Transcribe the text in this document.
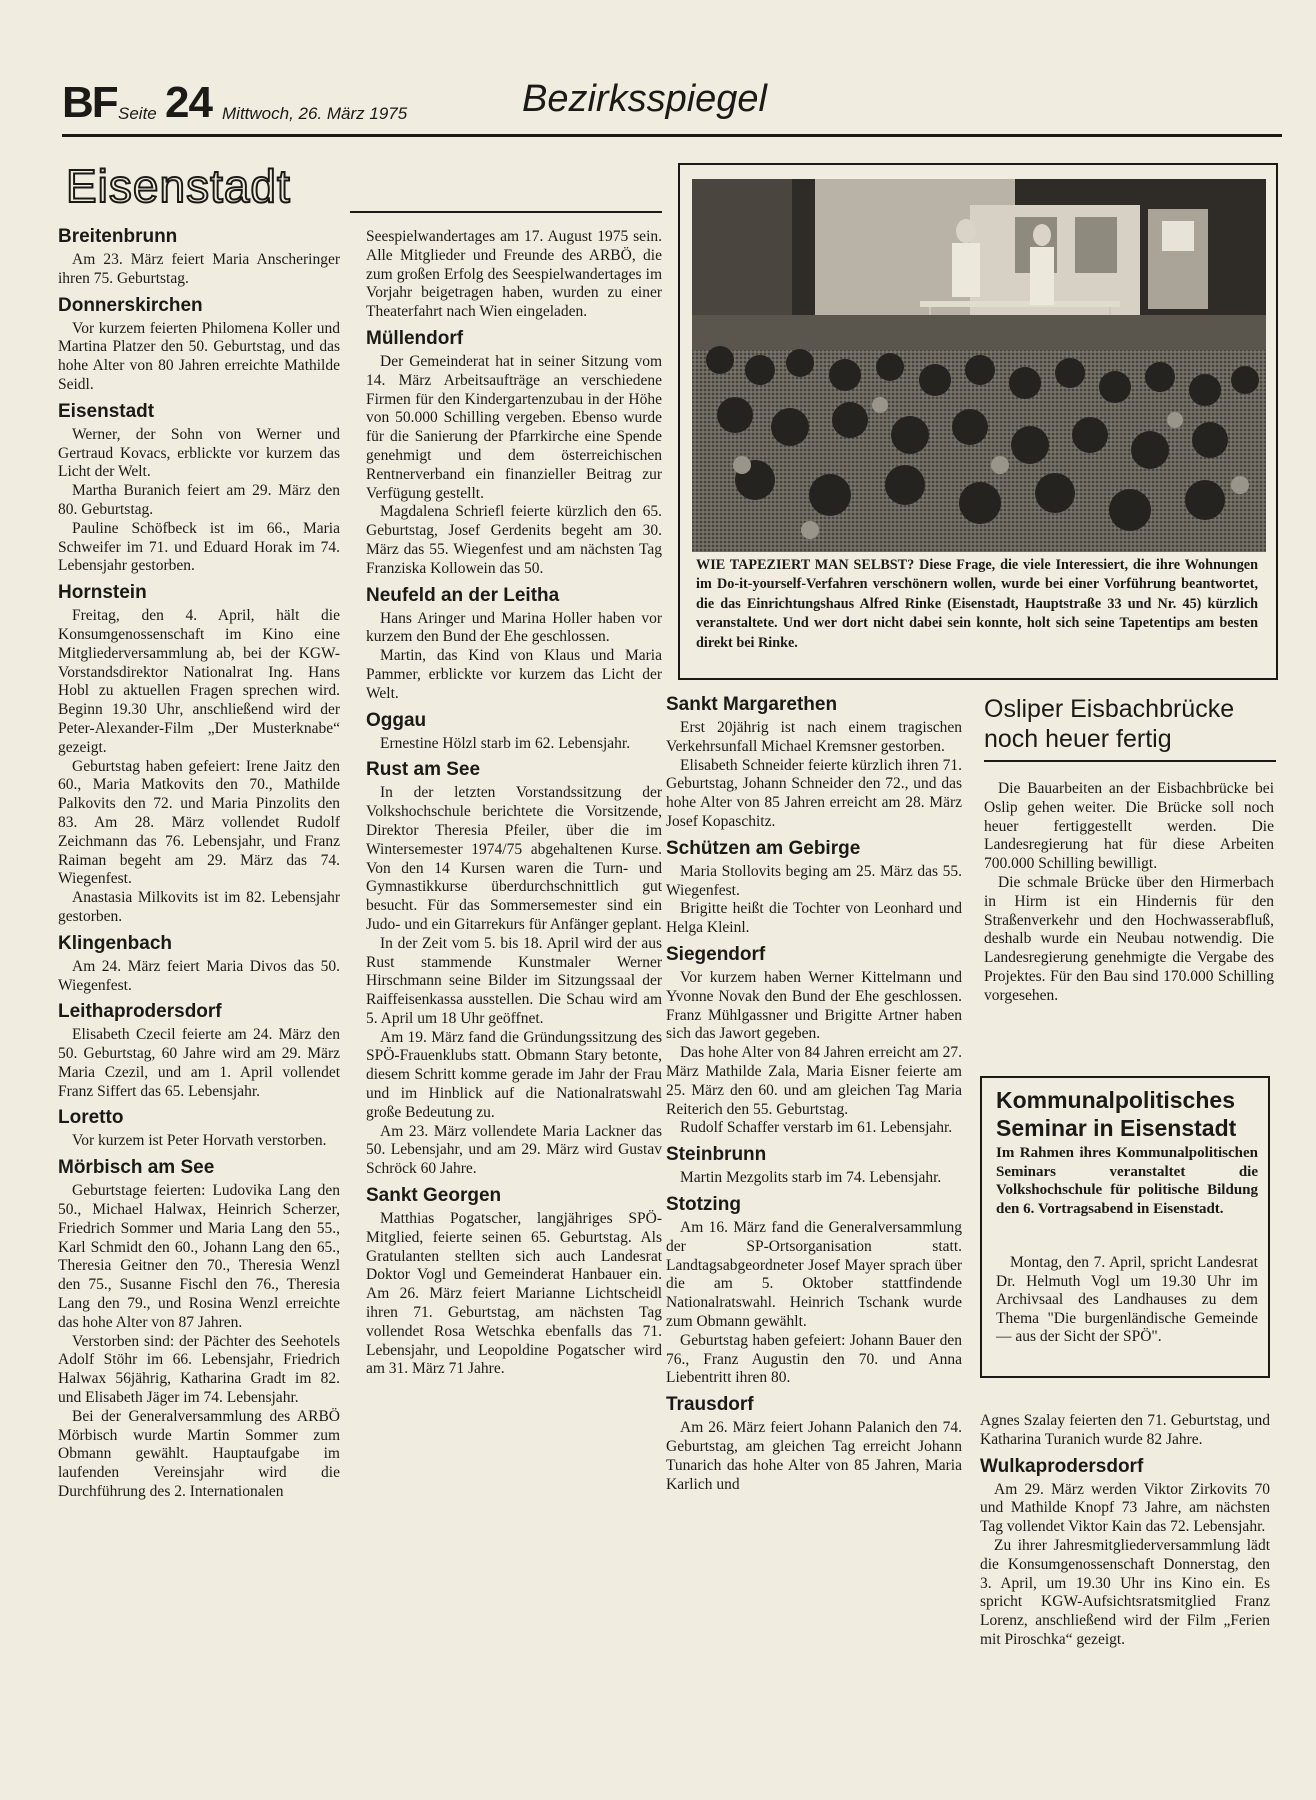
BF Seite 24 Mittwoch, 26. März 1975	Bezirksspiegel
Eisenstadt
Breitenbrunn

Am 23. März feiert Maria Anscheringer ihren 75. Geburtstag.

Donnerskirchen

Vor kurzem feierten Philomena Koller und Martina Platzer den 50. Geburtstag, und das hohe Alter von 80 Jahren erreichte Mathilde Seidl.

Eisenstadt

Werner, der Sohn von Werner und Gertraud Kovacs, erblickte vor kurzem das Licht der Welt.

Martha Buranich feiert am 29. März den 80. Geburtstag.

Pauline Schöfbeck ist im 66., Maria Schweifer im 71. und Eduard Horak im 74. Lebensjahr gestorben.

Hornstein

Freitag, den 4. April, hält die Konsumgenossenschaft im Kino eine Mitgliederversammlung ab, bei der KGW-Vorstandsdirektor Nationalrat Ing. Hans Hobl zu aktuellen Fragen sprechen wird. Beginn 19.30 Uhr, anschließend wird der Peter-Alexander-Film „Der Musterknabe“ gezeigt.

Geburtstag haben gefeiert: Irene Jaitz den 60., Maria Matkovits den 70., Mathilde Palkovits den 72. und Maria Pinzolits den 83. Am 28. März vollendet Rudolf Zeichmann das 76. Lebensjahr, und Franz Raiman begeht am 29. März das 74. Wiegenfest.

Anastasia Milkovits ist im 82. Lebensjahr gestorben.

Klingenbach

Am 24. März feiert Maria Divos das 50. Wiegenfest.

Leithaprodersdorf

Elisabeth Czecil feierte am 24. März den 50. Geburtstag, 60 Jahre wird am 29. März Maria Czezil, und am 1. April vollendet Franz Siffert das 65. Lebensjahr.

Loretto

Vor kurzem ist Peter Horvath verstorben.

Mörbisch am See

Geburtstage feierten: Ludovika Lang den 50., Michael Halwax, Heinrich Scherzer, Friedrich Sommer und Maria Lang den 55., Karl Schmidt den 60., Johann Lang den 65., Theresia Geitner den 70., Theresia Wenzl den 75., Susanne Fischl den 76., Theresia Lang den 79., und Rosina Wenzl erreichte das hohe Alter von 87 Jahren.

Verstorben sind: der Pächter des Seehotels Adolf Stöhr im 66. Lebensjahr, Friedrich Halwax 56jährig, Katharina Gradt im 82. und Elisabeth Jäger im 74. Lebensjahr.

Bei der Generalversammlung des ARBÖ Mörbisch wurde Martin Sommer zum Obmann gewählt. Hauptaufgabe im laufenden Vereinsjahr wird die Durchführung des 2. Internationalen

Seespielwandertages am 17. August 1975 sein. Alle Mitglieder und Freunde des ARBÖ, die zum großen Erfolg des Seespielwandertages im Vorjahr beigetragen haben, wurden zu einer Theaterfahrt nach Wien eingeladen.

Müllendorf

Der Gemeinderat hat in seiner Sitzung vom 14. März Arbeitsaufträge an verschiedene Firmen für den Kindergartenzubau in der Höhe von 50.000 Schilling vergeben. Ebenso wurde für die Sanierung der Pfarrkirche eine Spende genehmigt und dem österreichischen Rentnerverband ein finanzieller Beitrag zur Verfügung gestellt.

Magdalena Schriefl feierte kürzlich den 65. Geburtstag, Josef Gerdenits begeht am 30. März das 55. Wiegenfest und am nächsten Tag Franziska Kollowein das 50.

Neufeld an der Leitha

Hans Aringer und Marina Holler haben vor kurzem den Bund der Ehe geschlossen.

Martin, das Kind von Klaus und Maria Pammer, erblickte vor kurzem das Licht der Welt.

Oggau

Ernestine Hölzl starb im 62. Lebensjahr.

Rust am See

In der letzten Vorstandssitzung der Volkshochschule berichtete die Vorsitzende, Direktor Theresia Pfeiler, über die im Wintersemester 1974/75 abgehaltenen Kurse. Von den 14 Kursen waren die Turn- und Gymnastikkurse überdurchschnittlich gut besucht. Für das Sommersemester sind ein Judo- und ein Gitarrekurs für Anfänger geplant.

In der Zeit vom 5. bis 18. April wird der aus Rust stammende Kunstmaler Werner Hirschmann seine Bilder im Sitzungssaal der Raiffeisenkassa ausstellen. Die Schau wird am 5. April um 18 Uhr geöffnet.

Am 19. März fand die Gründungssitzung des SPÖ-Frauenklubs statt. Obmann Stary betonte, diesem Schritt komme gerade im Jahr der Frau und im Hinblick auf die Nationalratswahl große Bedeutung zu.

Am 23. März vollendete Maria Lackner das 50. Lebensjahr, und am 29. März wird Gustav Schröck 60 Jahre.

Sankt Georgen

Matthias Pogatscher, langjähriges SPÖ-Mitglied, feierte seinen 65. Geburtstag. Als Gratulanten stellten sich auch Landesrat Doktor Vogl und Gemeinderat Hanbauer ein. Am 26. März feiert Marianne Lichtscheidl ihren 71. Geburtstag, am nächsten Tag vollendet Rosa Wetschka ebenfalls das 71. Lebensjahr, und Leopoldine Pogatscher wird am 31. März 71 Jahre.

WIE TAPEZIERT MAN SELBST? Diese Frage, die viele Interessiert, die ihre Wohnungen im Do-it-yourself-Verfahren verschönern wollen, wurde bei einer Vorführung beantwortet, die das Einrichtungshaus Alfred Rinke (Eisenstadt, Hauptstraße 33 und Nr. 45) kürzlich veranstaltete. Und wer dort nicht dabei sein konnte, holt sich seine Tapetentips am besten direkt bei Rinke.
Sankt Margarethen

Erst 20jährig ist nach einem tragischen Verkehrsunfall Michael Kremsner gestorben.

Elisabeth Schneider feierte kürzlich ihren 71. Geburtstag, Johann Schneider den 72., und das hohe Alter von 85 Jahren erreicht am 28. März Josef Kopaschitz.

Schützen am Gebirge

Maria Stollovits beging am 25. März das 55. Wiegenfest.

Brigitte heißt die Tochter von Leonhard und Helga Kleinl.

Siegendorf

Vor kurzem haben Werner Kittelmann und Yvonne Novak den Bund der Ehe geschlossen. Franz Mühlgassner und Brigitte Artner haben sich das Jawort gegeben.

Das hohe Alter von 84 Jahren erreicht am 27. März Mathilde Zala, Maria Eisner feierte am 25. März den 60. und am gleichen Tag Maria Reiterich den 55. Geburtstag.

Rudolf Schaffer verstarb im 61. Lebensjahr.

Steinbrunn

Martin Mezgolits starb im 74. Lebensjahr.

Stotzing

Am 16. März fand die Generalversammlung der SP-Ortsorganisation statt. Landtagsabgeordneter Josef Mayer sprach über die am 5. Oktober stattfindende Nationalratswahl. Heinrich Tschank wurde zum Obmann gewählt.

Geburtstag haben gefeiert: Johann Bauer den 76., Franz Augustin den 70. und Anna Liebentritt ihren 80.

Trausdorf

Am 26. März feiert Johann Palanich den 74. Geburtstag, am gleichen Tag erreicht Johann Tunarich das hohe Alter von 85 Jahren, Maria Karlich und

Osliper Eisbachbrücke noch heuer fertig

Die Bauarbeiten an der Eisbachbrücke bei Oslip gehen weiter. Die Brücke soll noch heuer fertiggestellt werden. Die Landesregierung hat für diese Arbeiten 700.000 Schilling bewilligt.

Die schmale Brücke über den Hirmerbach in Hirm ist ein Hindernis für den Straßenverkehr und den Hochwasserabfluß, deshalb wurde ein Neubau notwendig. Die Landesregierung genehmigte die Vergabe des Projektes. Für den Bau sind 170.000 Schilling vorgesehen.

Kommunalpolitisches Seminar in Eisenstadt
Im Rahmen ihres Kommunalpolitischen Seminars veranstaltet die Volkshochschule für politische Bildung den 6. Vortragsabend in Eisenstadt.
Montag, den 7. April, spricht Landesrat Dr. Helmuth Vogl um 19.30 Uhr im Archivsaal des Landhauses zu dem Thema "Die burgenländische Gemeinde — aus der Sicht der SPÖ".

Agnes Szalay feierten den 71. Geburtstag, und Katharina Turanich wurde 82 Jahre.

Wulkaprodersdorf

Am 29. März werden Viktor Zirkovits 70 und Mathilde Knopf 73 Jahre, am nächsten Tag vollendet Viktor Kain das 72. Lebensjahr.

Zu ihrer Jahresmitgliederversammlung lädt die Konsumgenossenschaft Donnerstag, den 3. April, um 19.30 Uhr ins Kino ein. Es spricht KGW-Aufsichtsratsmitglied Franz Lorenz, anschließend wird der Film „Ferien mit Piroschka“ gezeigt.
